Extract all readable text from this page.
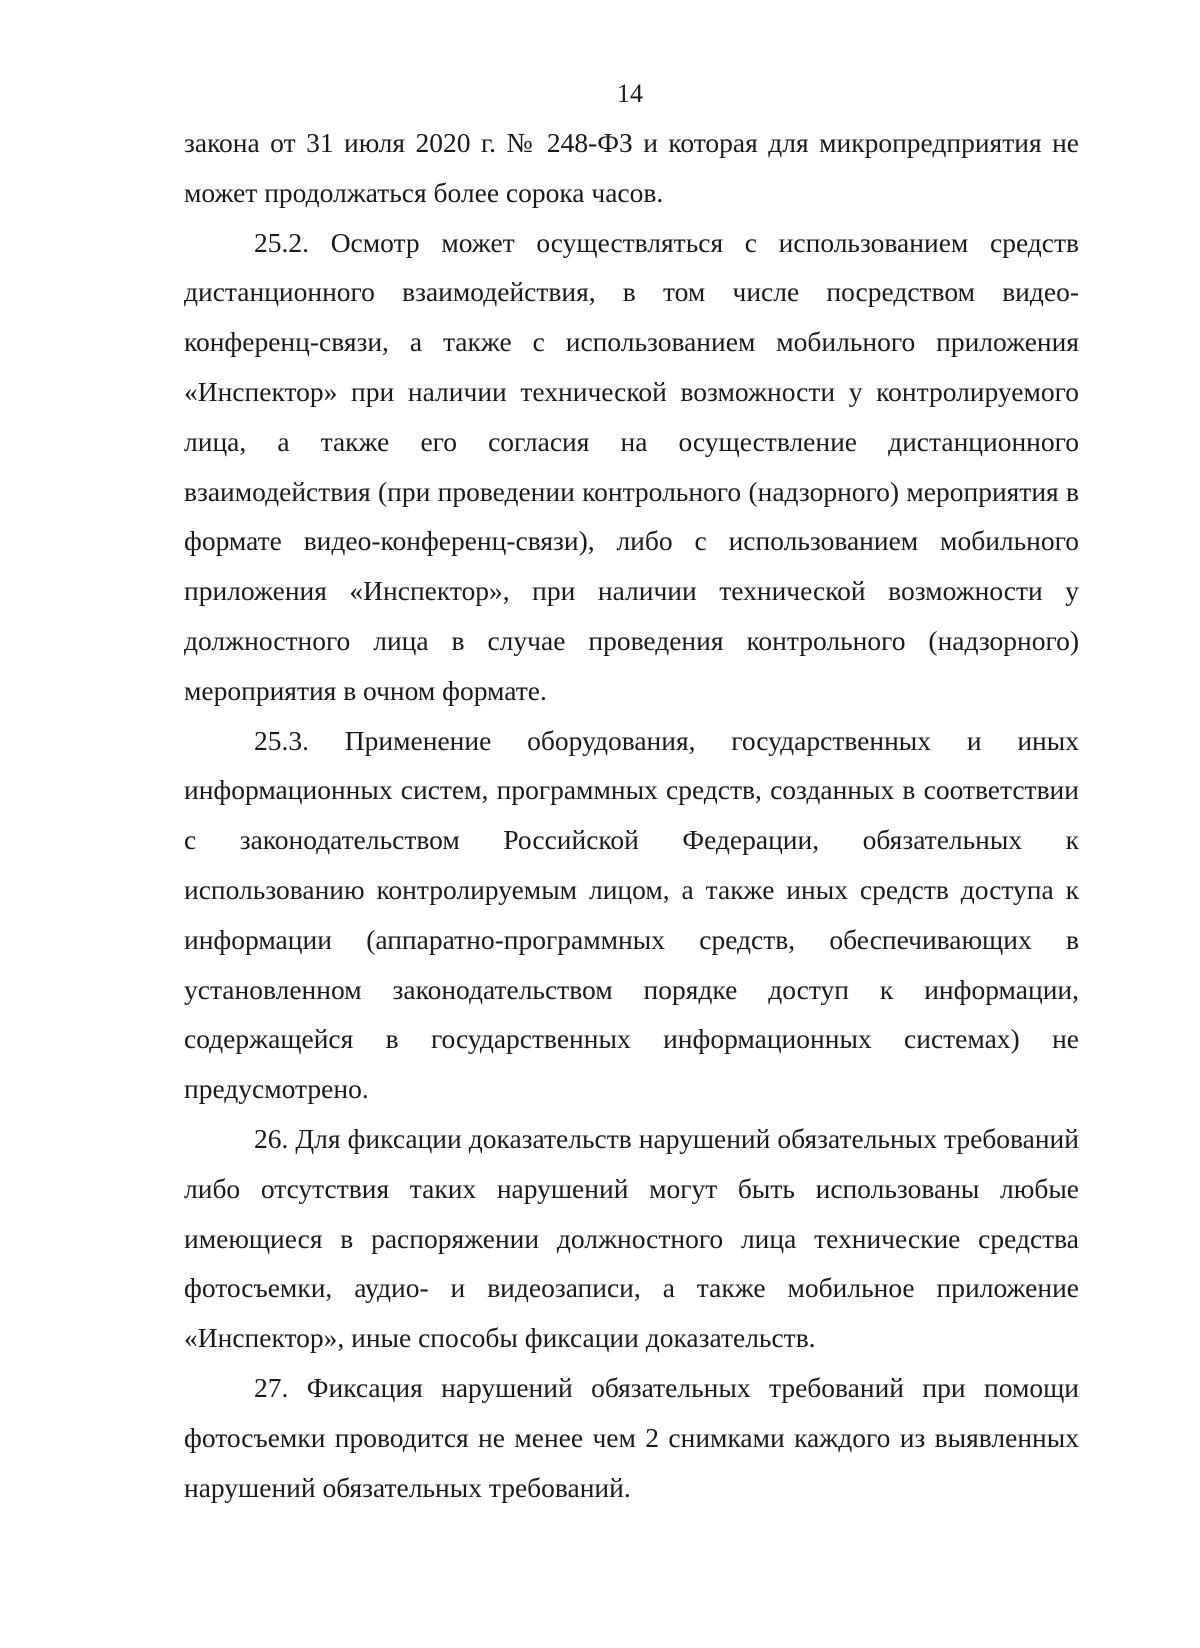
14

закона от 31 июля 2020 г. № 248-ФЗ и которая для микропредприятия не может продолжаться более сорока часов.

25.2. Осмотр может осуществляться с использованием средств дистанционного взаимодействия, в том числе посредством видео-конференц-связи, а также с использованием мобильного приложения «Инспектор» при наличии технической возможности у контролируемого лица, а также его согласия на осуществление дистанционного взаимодействия (при проведении контрольного (надзорного) мероприятия в формате видео-конференц-связи), либо с использованием мобильного приложения «Инспектор», при наличии технической возможности у должностного лица в случае проведения контрольного (надзорного) мероприятия в очном формате.

25.3. Применение оборудования, государственных и иных информационных систем, программных средств, созданных в соответствии с законодательством Российской Федерации, обязательных к использованию контролируемым лицом, а также иных средств доступа к информации (аппаратно-программных средств, обеспечивающих в установленном законодательством порядке доступ к информации, содержащейся в государственных информационных системах) не предусмотрено.

26. Для фиксации доказательств нарушений обязательных требований либо отсутствия таких нарушений могут быть использованы любые имеющиеся в распоряжении должностного лица технические средства фотосъемки, аудио- и видеозаписи, а также мобильное приложение «Инспектор», иные способы фиксации доказательств.

27. Фиксация нарушений обязательных требований при помощи фотосъемки проводится не менее чем 2 снимками каждого из выявленных нарушений обязательных требований.
